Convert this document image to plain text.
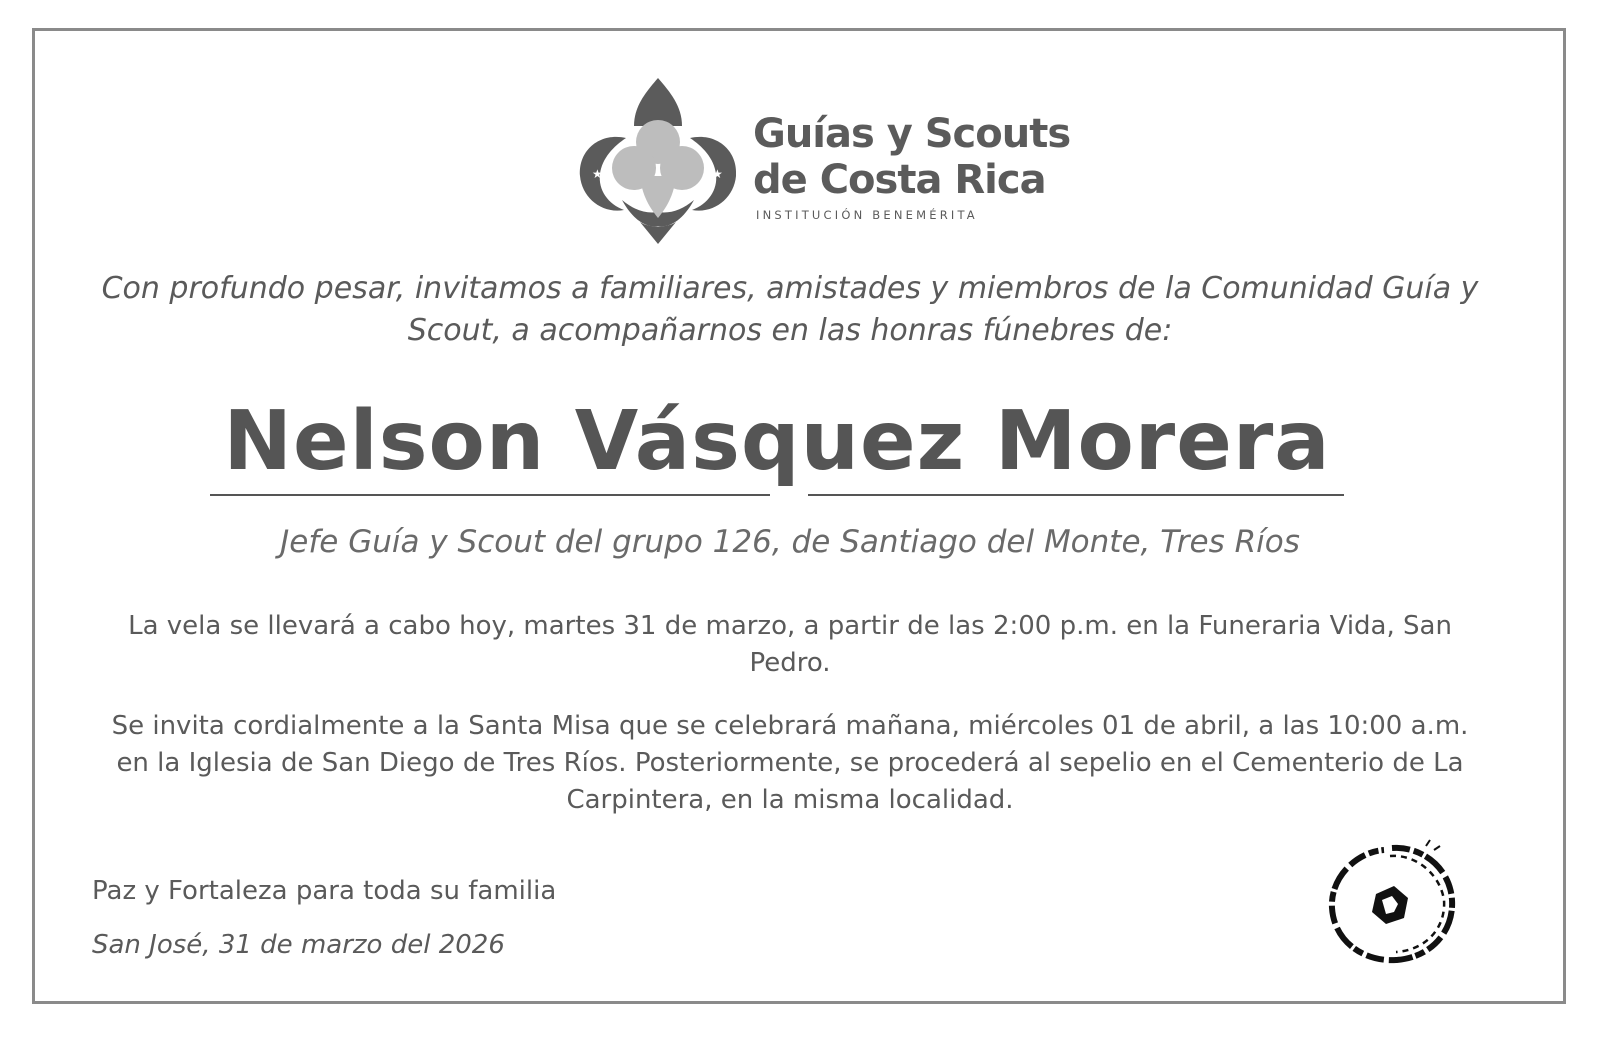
★	★
Guías y Scouts
de Costa Rica
INSTITUCIÓN BENEMÉRITA
Con profundo pesar, invitamos a familiares, amistades y miembros de la Comunidad Guía y Scout, a acompañarnos en las honras fúnebres de:
Nelson Vásquez Morera
Jefe Guía y Scout del grupo 126, de Santiago del Monte, Tres Ríos
La vela se llevará a cabo hoy, martes 31 de marzo, a partir de las 2:00 p.m. en la Funeraria Vida, San Pedro.
Se invita cordialmente a la Santa Misa que se celebrará mañana, miércoles 01 de abril, a las 10:00 a.m. en la Iglesia de San Diego de Tres Ríos. Posteriormente, se procederá al sepelio en el Cementerio de La Carpintera, en la misma localidad.
Paz y Fortaleza para toda su familia
San José, 31 de marzo del 2026
